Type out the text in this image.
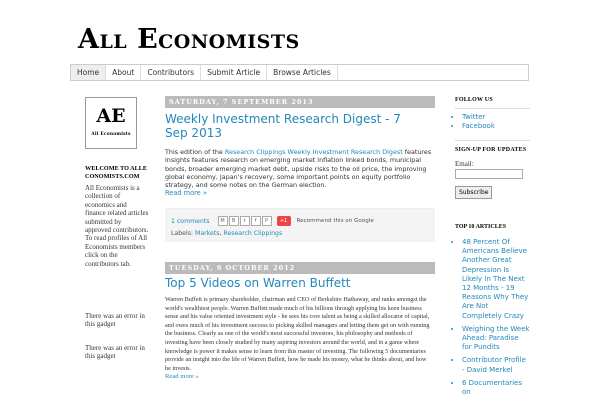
All Economists
Home	About	Contributors	Submit Article	Browse Articles
AE
All Economists
WELCOME TO ALLECONOMISTS.COM
All Economists is a collection of economics and finance related articles submitted by approved contributors. To read profiles of All Economists members click on the contributors tab.
There was an error in this gadget
There was an error in this gadget
SATURDAY, 7 SEPTEMBER 2013
Weekly Investment Research Digest - 7 Sep 2013
This edition of the Research Clippings Weekly Investment Research Digest features insights features research on emerging market inflation linked bonds, municipal bonds, broader emerging market debt, upside risks to the oil price, the improving global economy, Japan's recovery, some important points on equity portfolio strategy, and some notes on the German election.
Read more »
1 comments	M	B	t	f	P	+1	Recommend this on Google
Labels: Markets, Research Clippings
TUESDAY, 9 OCTOBER 2012
Top 5 Videos on Warren Buffett
Warren Buffett is primary shareholder, chairman and CEO of Berkshire Hathaway, and ranks amongst the world's wealthiest people. Warren Buffett made much of his billions through applying his keen business sense and his value oriented investment style - he sees his core talent as being a skilled allocator of capital, and owes much of his investment success to picking skilled managers and letting them get on with running the business. Clearly as one of the world's most successful investors, his philosophy and methods of investing have been closely studied by many aspiring investors around the world, and in a game where knowledge is power it makes sense to learn from this master of investing. The following 5 documentaries provide an insight into the life of Warren Buffett, how he made his money, what he thinks about, and how he invests.
Read more »
FOLLOW US
• Twitter
• Facebook
SIGN-UP FOR UPDATES
Email:
Subscribe
TOP 10 ARTICLES
• 48 Percent Of Americans Believe Another Great Depression Is Likely In The Next 12 Months - 19 Reasons Why They Are Not Completely Crazy
• Weighing the Week Ahead: Paradise for Pundits
• Contributor Profile - David Merkel
• 6 Documentaries on
